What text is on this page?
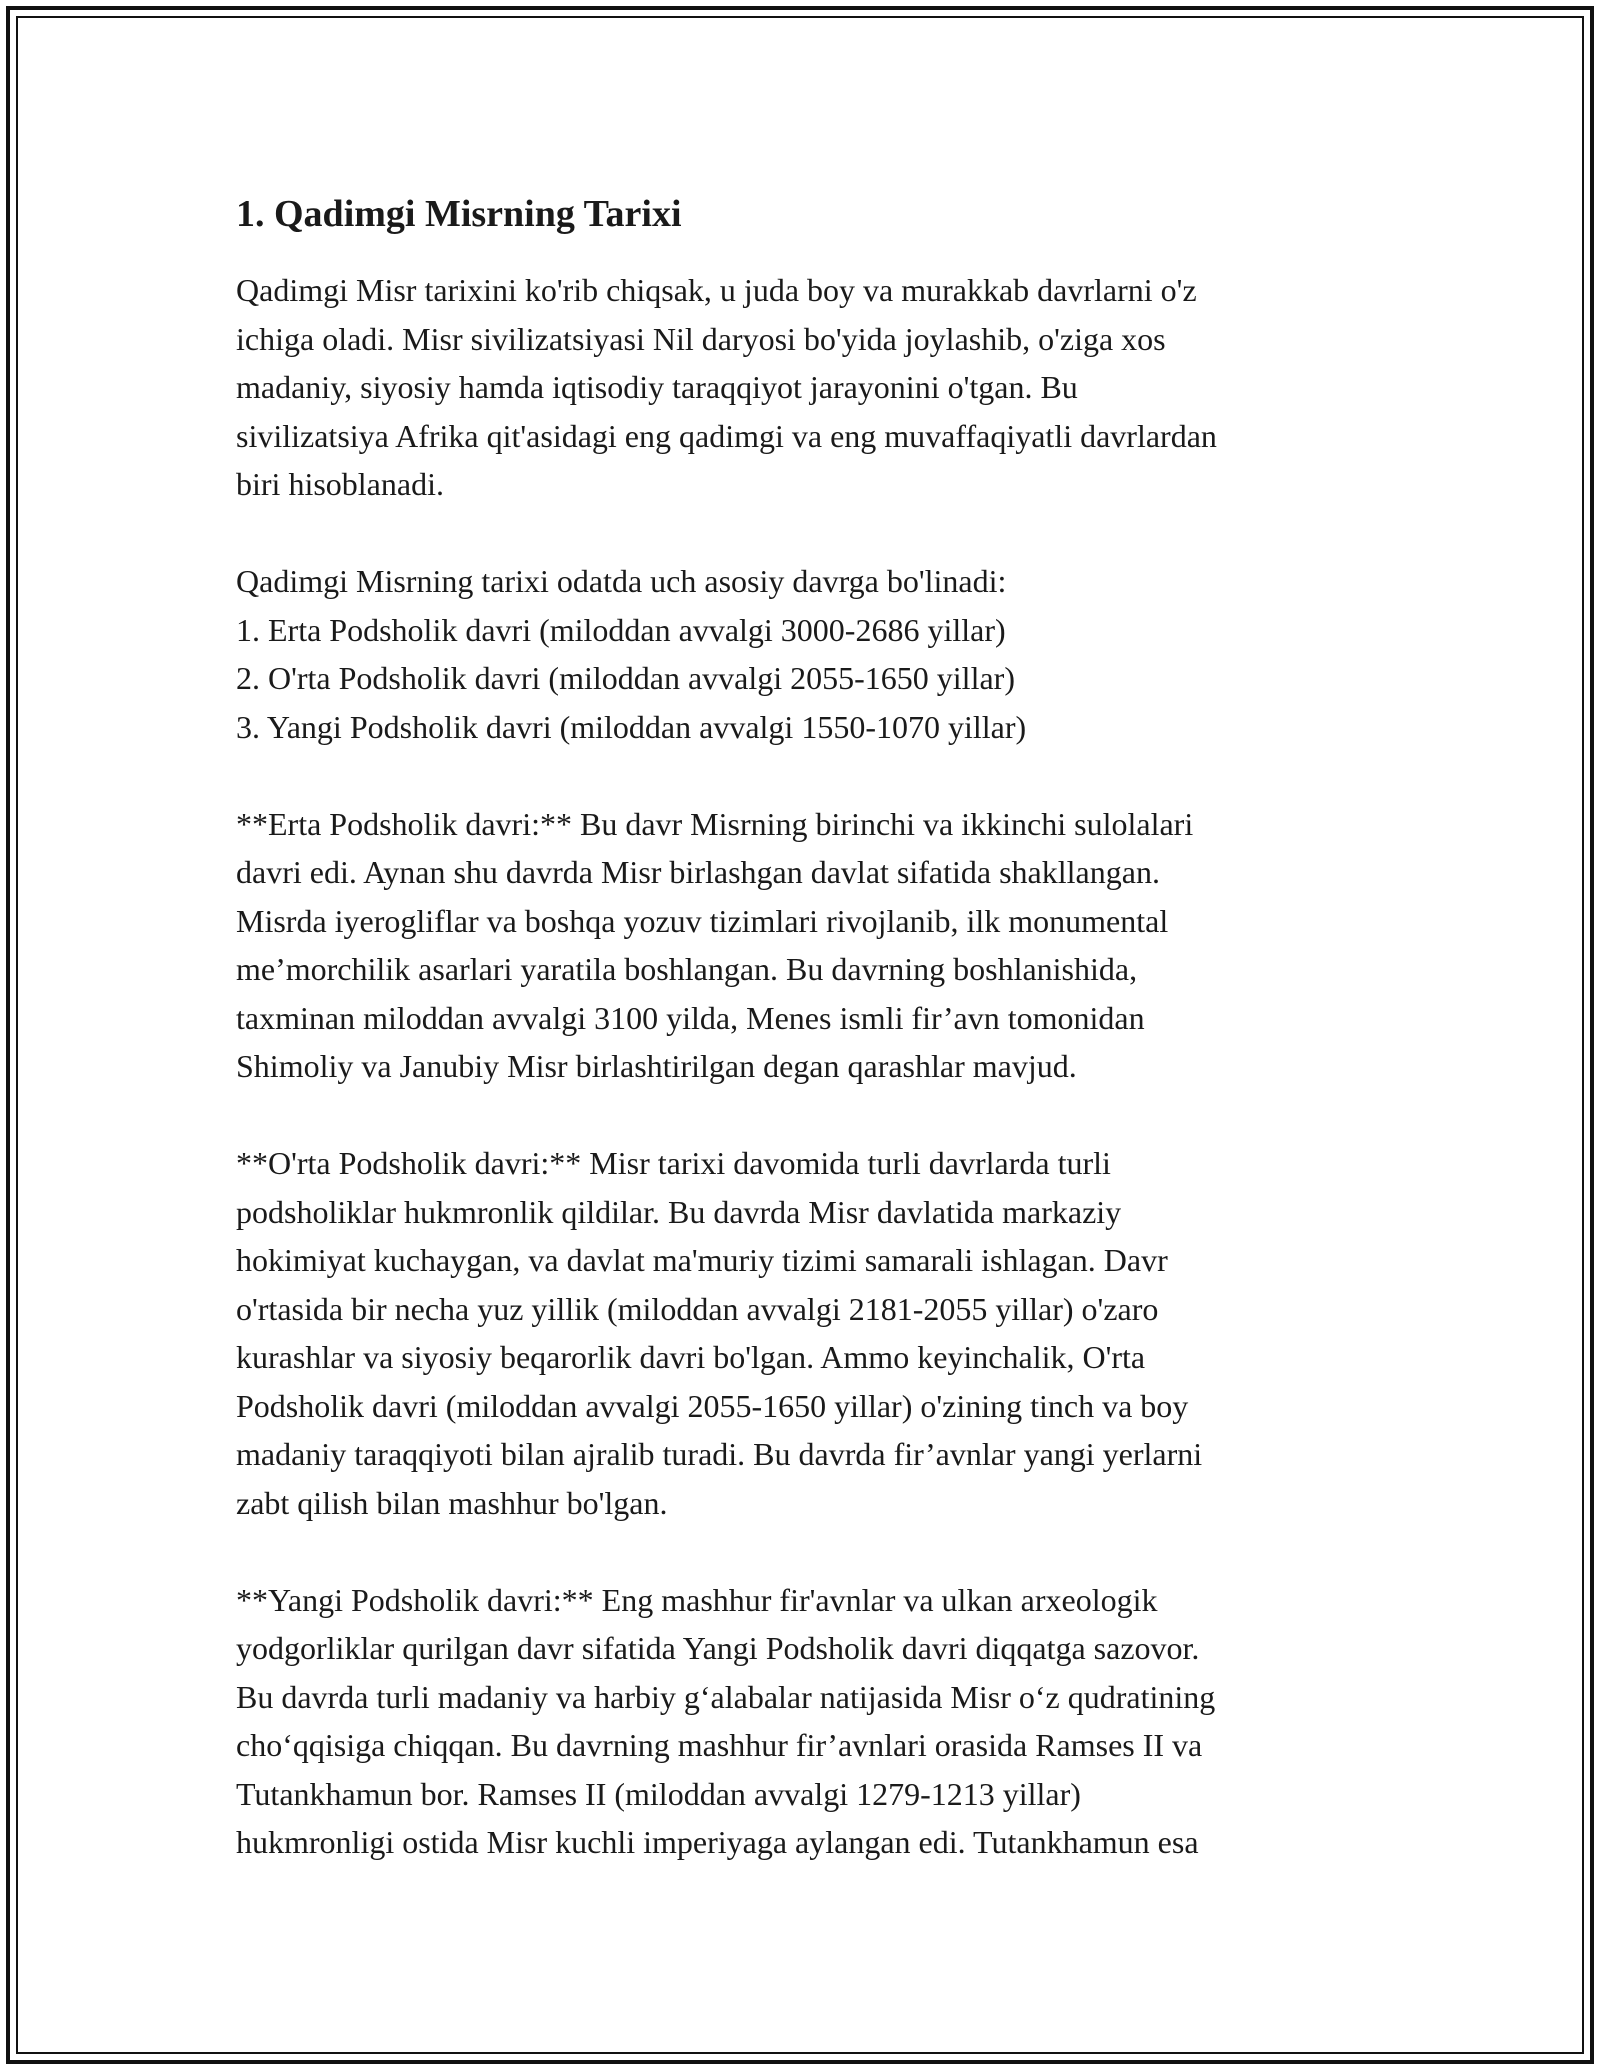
1. Qadimgi Misrning Tarixi
Qadimgi Misr tarixini ko'rib chiqsak, u juda boy va murakkab davrlarni o'z
ichiga oladi. Misr sivilizatsiyasi Nil daryosi bo'yida joylashib, o'ziga xos
madaniy, siyosiy hamda iqtisodiy taraqqiyot jarayonini o'tgan. Bu
sivilizatsiya Afrika qit'asidagi eng qadimgi va eng muvaffaqiyatli davrlardan
biri hisoblanadi.
Qadimgi Misrning tarixi odatda uch asosiy davrga bo'linadi:
1. Erta Podsholik davri (miloddan avvalgi 3000-2686 yillar)
2. O'rta Podsholik davri (miloddan avvalgi 2055-1650 yillar)
3. Yangi Podsholik davri (miloddan avvalgi 1550-1070 yillar)
**Erta Podsholik davri:** Bu davr Misrning birinchi va ikkinchi sulolalari
davri edi. Aynan shu davrda Misr birlashgan davlat sifatida shakllangan.
Misrda iyerogliflar va boshqa yozuv tizimlari rivojlanib, ilk monumental
me’morchilik asarlari yaratila boshlangan. Bu davrning boshlanishida,
taxminan miloddan avvalgi 3100 yilda, Menes ismli fir’avn tomonidan
Shimoliy va Janubiy Misr birlashtirilgan degan qarashlar mavjud.
**O'rta Podsholik davri:** Misr tarixi davomida turli davrlarda turli
podsholiklar hukmronlik qildilar. Bu davrda Misr davlatida markaziy
hokimiyat kuchaygan, va davlat ma'muriy tizimi samarali ishlagan. Davr
o'rtasida bir necha yuz yillik (miloddan avvalgi 2181-2055 yillar) o'zaro
kurashlar va siyosiy beqarorlik davri bo'lgan. Ammo keyinchalik, O'rta
Podsholik davri (miloddan avvalgi 2055-1650 yillar) o'zining tinch va boy
madaniy taraqqiyoti bilan ajralib turadi. Bu davrda fir’avnlar yangi yerlarni
zabt qilish bilan mashhur bo'lgan.
**Yangi Podsholik davri:** Eng mashhur fir'avnlar va ulkan arxeologik
yodgorliklar qurilgan davr sifatida Yangi Podsholik davri diqqatga sazovor.
Bu davrda turli madaniy va harbiy g‘alabalar natijasida Misr o‘z qudratining
cho‘qqisiga chiqqan. Bu davrning mashhur fir’avnlari orasida Ramses II va
Tutankhamun bor. Ramses II (miloddan avvalgi 1279-1213 yillar)
hukmronligi ostida Misr kuchli imperiyaga aylangan edi. Tutankhamun esa
